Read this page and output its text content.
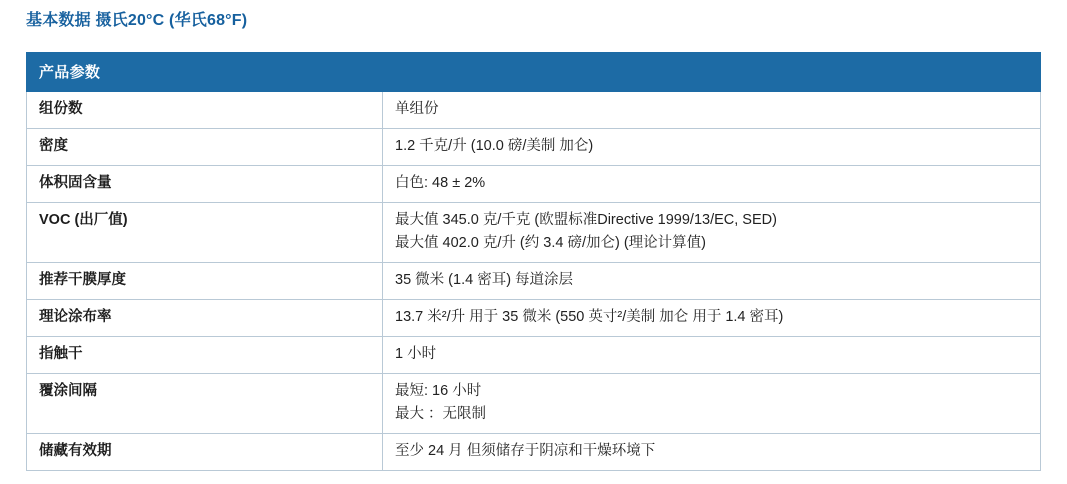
基本数据 摄氏20°C (华氏68°F)
产品参数	
组份数	单组份

密度	1.2 千克/升 (10.0 磅/美制 加仑)

体积固含量	白色: 48 ± 2%

VOC (出厂值)	最大值 345.0 克/千克 (欧盟标准Directive 1999/13/EC, SED)
最大值 402.0 克/升 (约 3.4 磅/加仑) (理论计算值)

推荐干膜厚度	35 微米 (1.4 密耳) 每道涂层

理论涂布率	13.7 米²/升 用于 35 微米 (550 英寸²/美制 加仑 用于 1.4 密耳)

指触干	1 小时

覆涂间隔	最短: 16 小时
最大 ：无限制

储藏有效期	至少 24 月 但须储存于阴凉和干燥环境下
